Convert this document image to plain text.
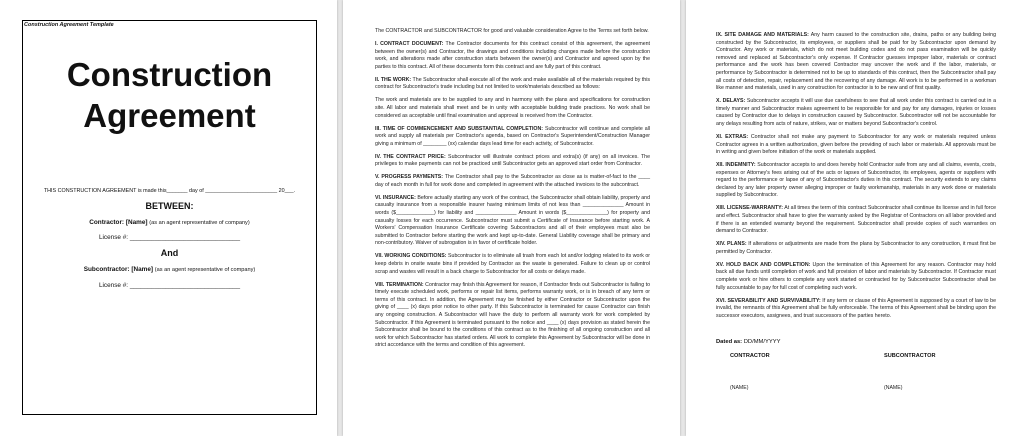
Construction Agreement Template
Construction
Agreement
THIS CONSTRUCTION AGREEMENT is made this_______ day of ________________________ 20___.
BETWEEN:
Contractor: [Name] (as an agent representative of company)
License #: _______________________________
And
Subcontractor: [Name] (as an agent representative of company)
License #: _______________________________

The CONTRACTOR and SUBCONTRACTOR for good and valuable consideration Agree to the Terms set forth below.

I. CONTRACT DOCUMENT: The Contractor documents for this contract consist of this agreement, the agreement between the owner(s) and Contractor, the drawings and conditions including changes made before the construction work, and alterations made after construction starts between the owner(s) and Contractor and agreed upon by the parties to this contract. All of these documents form this contract and are fully part of this contract.

II. THE WORK: The Subcontractor shall execute all of the work and make available all of the materials required by this contract for Subcontractor's trade including but not limited to work/materials described as follows:

The work and materials are to be supplied to any and in harmony with the plans and specifications for construction site. All labor and materials shall meet and be in unity with acceptable building trade practices. No work shall be considered as acceptable until final examination and approval is received from the Contractor.

III. TIME OF COMMENCEMENT AND SUBSTANTIAL COMPLETION: Subcontractor will continue and complete all work and supply all materials per Contractor's agenda, based on Contractor's Superintendent/Construction Manager giving a minimum of ________ (xx) calendar days lead time for each activity, of Subcontractor.

IV. THE CONTRACT PRICE: Subcontractor will illustrate contract prices and extra(s) (if any) on all invoices. The privileges to make payments can not be practiced until Subcontractor gets an approved start order from Contractor.

V. PROGRESS PAYMENTS: The Contractor shall pay to the Subcontractor as close as is matter-of-fact to the ____ day of each month in full for work done and completed in agreement with the attached invoices to the subcontract.

VI. INSURANCE: Before actually starting any work of the contract, the Subcontractor shall obtain liability, property and casualty insurance from a responsible insurer having minimum limits of not less than ______________ Amount in words ($_____________) for liability and ______________ Amount in words ($______________) for property and casualty losses for each occurrence. Subcontractor must submit a Certificate of Insurance before starting work. A Workers' Compensation Insurance Certificate covering Subcontractors and all of their employees must also be submitted to Contractor before starting the work and kept up-to-date. General Liability coverage shall be primary and non-contributory. Waiver of subrogation is in favor of certificate holder.

VII. WORKING CONDITIONS: Subcontractor is to eliminate all trash from each lot and/or lodging related to its work or keep debris in onsite waste bins if provided by Contractor as the waste is generated. Failure to clean up or control scrap and wastes will result in a back charge to Subcontractor for all costs or delays made.

VIII. TERMINATION: Contractor may finish this Agreement for reason, if Contractor finds out Subcontractor is failing to timely execute scheduled work, performs or repair list items, performs warranty work, or is in breach of any term or terms of this contract. In addition, the Agreement may be finished by either Contractor or Subcontractor upon the giving of ____ (x) days prior notice to other party. If this Subcontractor is terminated for cause Contractor can finish any ongoing construction. A Subcontractor will have the duty to perform all warranty work for work completed by Subcontractor. If this Agreement is terminated pursuant to the notice and ____ (x) days provision as stated herein the Subcontractor shall be bound to the conditions of this contract as to the finishing of all ongoing construction and all work for which Subcontractor has started orders. All work to complete this Agreement by Subcontractor will be done in strict accordance with the terms and condition of this agreement.

IX. SITE DAMAGE AND MATERIALS: Any harm caused to the construction site, drains, paths or any building being constructed by the Subcontractor, its employees, or suppliers shall be paid for by Subcontractor upon demand by Contractor. Any work or materials, which do not meet building codes and do not pass examination will be quickly removed and replaced at Subcontractor's only expense. If Contractor guesses improper labor, materials or contract performance and the work has been covered Contractor may uncover the work and if the labor, materials, or performance by Subcontractor is determined not to be up to standards of this contract, then the Subcontractor shall pay all costs of detection, repair, replacement and the recovering of any damage. All work is to be performed in a workman like manner and materials, used in any construction for contractor is to be new and of first quality.

X. DELAYS: Subcontractor accepts it will use due carefulness to see that all work under this contract is carried out in a timely manner and Subcontractor makes agreement to be responsible for and pay for any damages, injuries or losses caused by Contractor due to delays in construction caused by Subcontractor. Subcontractor will not be accountable for any delays resulting from acts of nature, strikes, war or matters beyond Subcontractor's control.

XI. EXTRAS: Contractor shall not make any payment to Subcontractor for any work or materials required unless Contractor agrees in a written authorization, given before the providing of such labor or materials. All approvals must be in writing and given before initiation of the work or materials supplied.

XII. INDEMNITY: Subcontractor accepts to and does hereby hold Contractor safe from any and all claims, events, costs, expenses or Attorney's fees arising out of the acts or lapses of Subcontractor, its employees, agents or suppliers with regard to the performance or lapse of any of Subcontractor's duties in this contract. The security extends to any claims declared by any later property owner alleging improper or faulty workmanship, materials in any work done or materials supplied by Subcontractor.

XIII. LICENSE-WARRANTY: At all times the term of this contract Subcontractor shall continue its license and in full force and effect. Subcontractor shall have to give the warranty asked by the Registrar of Contractors on all labor provided and if there is an extended warranty beyond the requirement. Subcontractor shall provide copies of such warranties on demand to Contractor.

XIV. PLANS: If alterations or adjustments are made from the plans by Subcontractor to any construction, it must first be permitted by Contractor.

XV. HOLD BACK AND COMPLETION: Upon the termination of this Agreement for any reason. Contractor may hold back all due funds until completion of work and full provision of labor and materials by Subcontractor. If Contractor must complete work or hire others to complete any work started or contracted for by Subcontractor Subcontractor shall be fully accountable to pay for full cost of completing such work.

XVI. SEVERABILITY AND SURVIVABILITY: If any term or clause of this Agreement is supposed by a court of law to be invalid, the remnants of this Agreement shall be fully enforceable. The terms of this Agreement shall be binding upon the successor executors, assignees, and trust successors of the parties hereto.

Dated as: DD/MM/YYYY
CONTRACTOR	SUBCONTRACTOR
(NAME)	(NAME)
